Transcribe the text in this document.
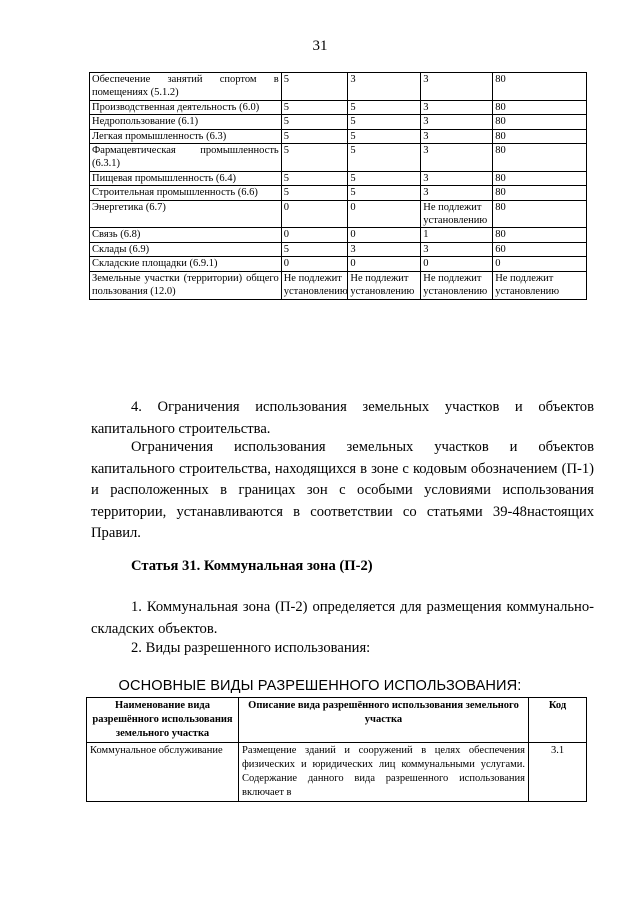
31
Обеспечение занятий спортом в помещениях (5.1.2)	5	3	3	80
Производственная деятельность (6.0)	5	5	3	80
Недропользование (6.1)	5	5	3	80
Легкая промышленность (6.3)	5	5	3	80
Фармацевтическая промышленность (6.3.1)	5	5	3	80
Пищевая промышленность (6.4)	5	5	3	80
Строительная промышленность (6.6)	5	5	3	80
Энергетика (6.7)	0	0	Не подлежит установлению	80
Связь (6.8)	0	0	1	80
Склады (6.9)	5	3	3	60
Складские площадки (6.9.1)	0	0	0	0
Земельные участки (территории) общего пользования (12.0)	Не подлежит установлению	Не подлежит установлению	Не подлежит установлению	Не подлежит установлению
4. Ограничения использования земельных участков и объектов капитального строительства.
Ограничения использования земельных участков и объектов капитального строительства, находящихся в зоне с кодовым обозначением (П-1) и расположенных в границах зон с особыми условиями использования территории, устанавливаются в соответствии со статьями 39-48настоящих Правил.
Статья 31. Коммунальная зона (П-2)
1. Коммунальная зона (П-2) определяется для размещения коммунально-складских объектов.
2. Виды разрешенного использования:
ОСНОВНЫЕ ВИДЫ РАЗРЕШЕННОГО ИСПОЛЬЗОВАНИЯ:
Наименование вида разрешённого использования земельного участка	Описание вида разрешённого использования земельного участка	Код
Коммунальное обслуживание	Размещение зданий и сооружений в целях обеспечения физических и юридических лиц коммунальными услугами. Содержание данного вида разрешенного использования включает в	3.1
